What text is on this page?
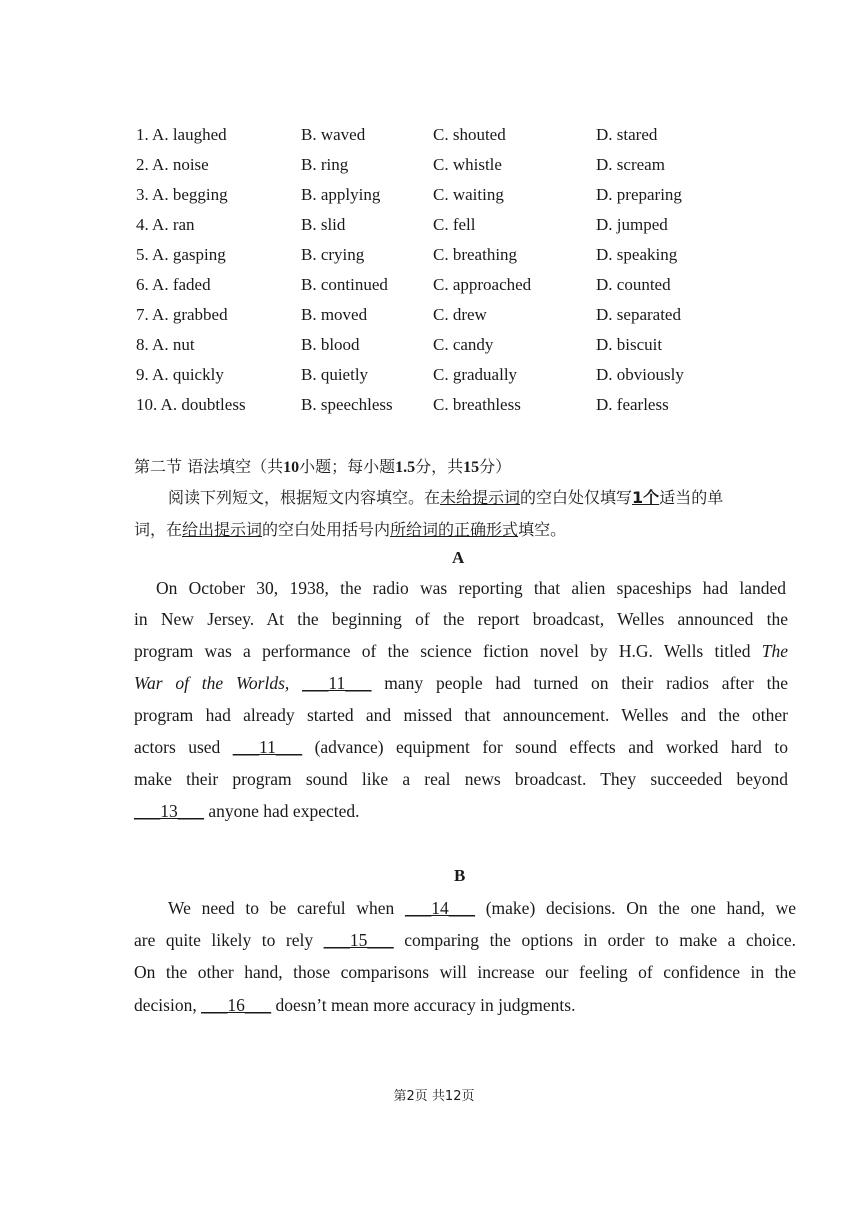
1. A. laughed	B. waved	C. shouted	D. stared
2. A. noise	B. ring	C. whistle	D. scream
3. A. begging	B. applying	C. waiting	D. preparing
4. A. ran	B. slid	C. fell	D. jumped
5. A. gasping	B. crying	C. breathing	D. speaking
6. A. faded	B. continued	C. approached	D. counted
7. A. grabbed	B. moved	C. drew	D. separated
8. A. nut	B. blood	C. candy	D. biscuit
9. A. quickly	B. quietly	C. gradually	D. obviously
10. A. doubtless	B. speechless C. breathless	D. fearless
第二节 语法填空（共10小题；每小题1.5分，共15分）
阅读下列短文，根据短文内容填空。在未给提示词的空白处仅填写1个适当的单
词，在给出提示词的空白处用括号内所给词的正确形式填空。
A
On October 30, 1938, the radio was reporting that alien spaceships had landed
in New Jersey. At the beginning of the report broadcast, Welles announced the
program was a performance of the science fiction novel by H.G. Wells titled The
War of the Worlds, ___11___ many people had turned on their radios after the
program had already started and missed that announcement. Welles and the other
actors used ___11___ (advance) equipment for sound effects and worked hard to
make their program sound like a real news broadcast. They succeeded beyond
___13___ anyone had expected.
B
We need to be careful when ___14___ (make) decisions. On the one hand, we
are quite likely to rely ___15___ comparing the options in order to make a choice.
On the other hand, those comparisons will increase our feeling of confidence in the
decision, ___16___ doesn’t mean more accuracy in judgments.
第2页 共12页
